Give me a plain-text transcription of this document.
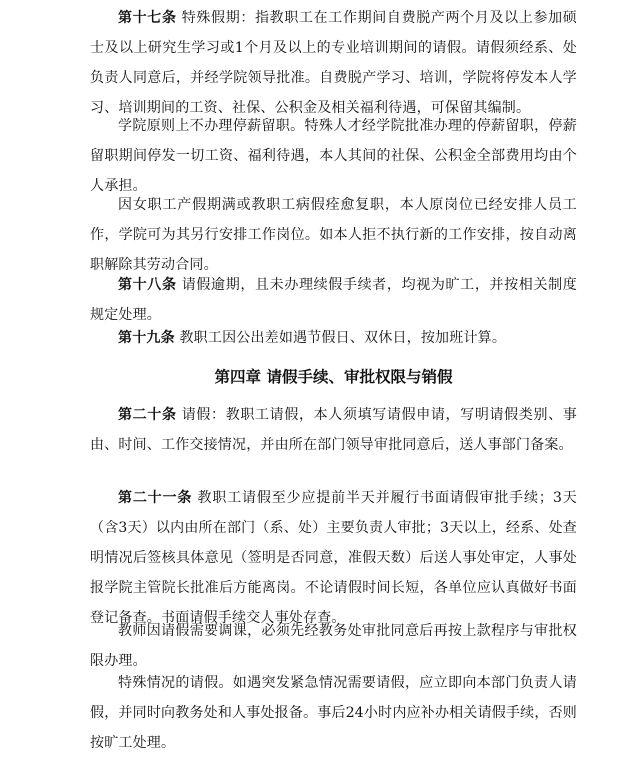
第十七条 特殊假期：指教职工在工作期间自费脱产两个月及以上参加硕士及以上研究生学习或1个月及以上的专业培训期间的请假。请假须经系、处负责人同意后，并经学院领导批准。自费脱产学习、培训，学院将停发本人学习、培训期间的工资、社保、公积金及相关福利待遇，可保留其编制。

学院原则上不办理停薪留职。特殊人才经学院批准办理的停薪留职，停薪留职期间停发一切工资、福利待遇，本人其间的社保、公积金全部费用均由个人承担。

因女职工产假期满或教职工病假痊愈复职，本人原岗位已经安排人员工作，学院可为其另行安排工作岗位。如本人拒不执行新的工作安排，按自动离职解除其劳动合同。

第十八条 请假逾期，且未办理续假手续者，均视为旷工，并按相关制度规定处理。

第十九条 教职工因公出差如遇节假日、双休日，按加班计算。

第四章 请假手续、审批权限与销假

第二十条 请假：教职工请假，本人须填写请假申请，写明请假类别、事由、时间、工作交接情况，并由所在部门领导审批同意后，送人事部门备案。

第二十一条 教职工请假至少应提前半天并履行书面请假审批手续；3天（含3天）以内由所在部门（系、处）主要负责人审批；3天以上，经系、处查明情况后签核具体意见（签明是否同意，准假天数）后送人事处审定，人事处报学院主管院长批准后方能离岗。不论请假时间长短，各单位应认真做好书面登记备查。书面请假手续交人事处存查。

教师因请假需要调课，必须先经教务处审批同意后再按上款程序与审批权限办理。

特殊情况的请假。如遇突发紧急情况需要请假，应立即向本部门负责人请假，并同时向教务处和人事处报备。事后24小时内应补办相关请假手续，否则按旷工处理。
